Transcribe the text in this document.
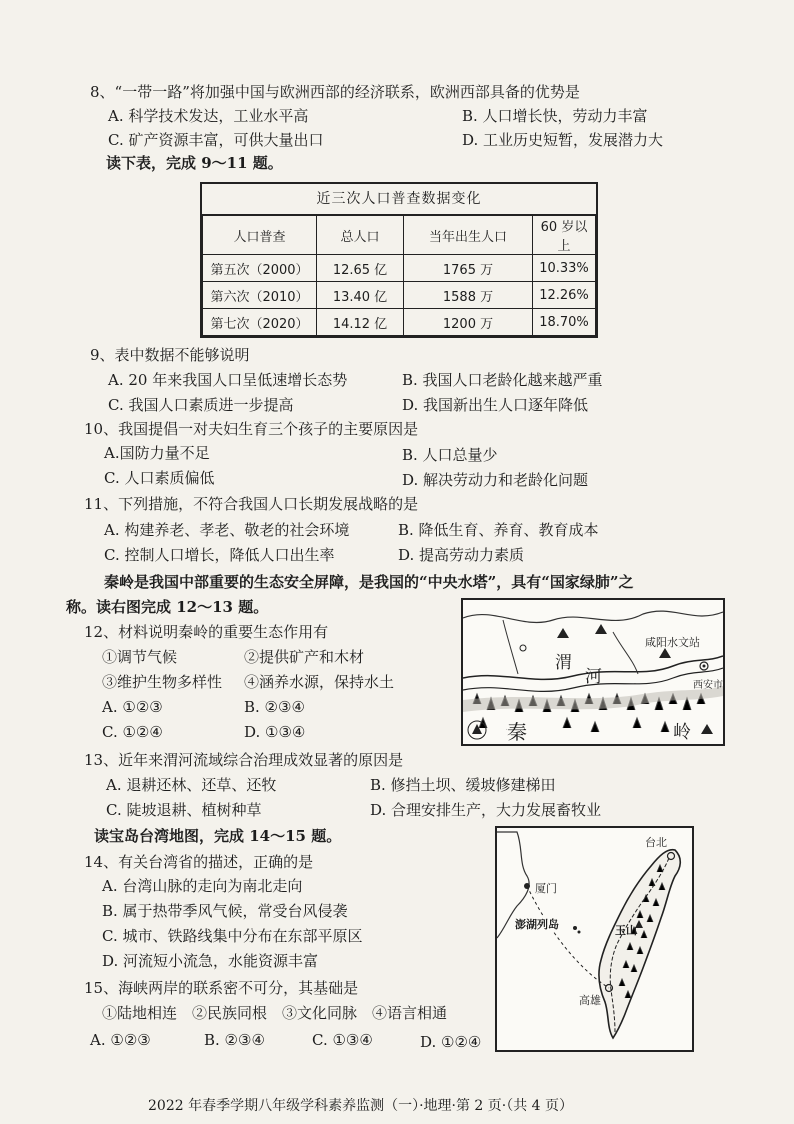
8、“一带一路”将加强中国与欧洲西部的经济联系，欧洲西部具备的优势是
A. 科学技术发达，工业水平高	B. 人口增长快，劳动力丰富
C. 矿产资源丰富，可供大量出口	D. 工业历史短暂，发展潜力大
读下表，完成 9～11 题。
近三次人口普查数据变化
人口普查	总人口	当年出生人口	60 岁以上
第五次（2000）	12.65 亿	1765 万	10.33%
第六次（2010）	13.40 亿	1588 万	12.26%
第七次（2020）	14.12 亿	1200 万	18.70%
9、表中数据不能够说明
A. 20 年来我国人口呈低速增长态势	B. 我国人口老龄化越来越严重
C. 我国人口素质进一步提高	D. 我国新出生人口逐年降低
10、我国提倡一对夫妇生育三个孩子的主要原因是
A.国防力量不足	B. 人口总量少
C. 人口素质偏低	D. 解决劳动力和老龄化问题
11、下列措施，不符合我国人口长期发展战略的是
A. 构建养老、孝老、敬老的社会环境	B. 降低生育、养育、教育成本
C. 控制人口增长，降低人口出生率	D. 提高劳动力素质
秦岭是我国中部重要的生态安全屏障，是我国的“中央水塔”，具有“国家绿肺”之
称。读右图完成 12～13 题。
12、材料说明秦岭的重要生态作用有
①调节气候	②提供矿产和木材
③维护生物多样性 ④涵养水源，保持水土
A. ①②③	B. ②③④
C. ①②④	D. ①③④
咸阳水文站
西安市
渭
河
秦	岭
13、近年来渭河流域综合治理成效显著的原因是
A. 退耕还林、还草、还牧	B. 修挡土坝、缓坡修建梯田
C. 陡坡退耕、植树种草	D. 合理安排生产，大力发展畜牧业
读宝岛台湾地图，完成 14～15 题。
14、有关台湾省的描述，正确的是
A. 台湾山脉的走向为南北走向
B. 属于热带季风气候，常受台风侵袭
C. 城市、铁路线集中分布在东部平原区
D. 河流短小流急，水能资源丰富
台北
厦门
澎湖列岛	玉山
高雄
15、海峡两岸的联系密不可分，其基础是
①陆地相连　②民族同根　③文化同脉　④语言相通
A. ①②③	B. ②③④	C. ①③④	D. ①②④
2022 年春季学期八年级学科素养监测（一）·地理·第 2 页·（共 4 页）
